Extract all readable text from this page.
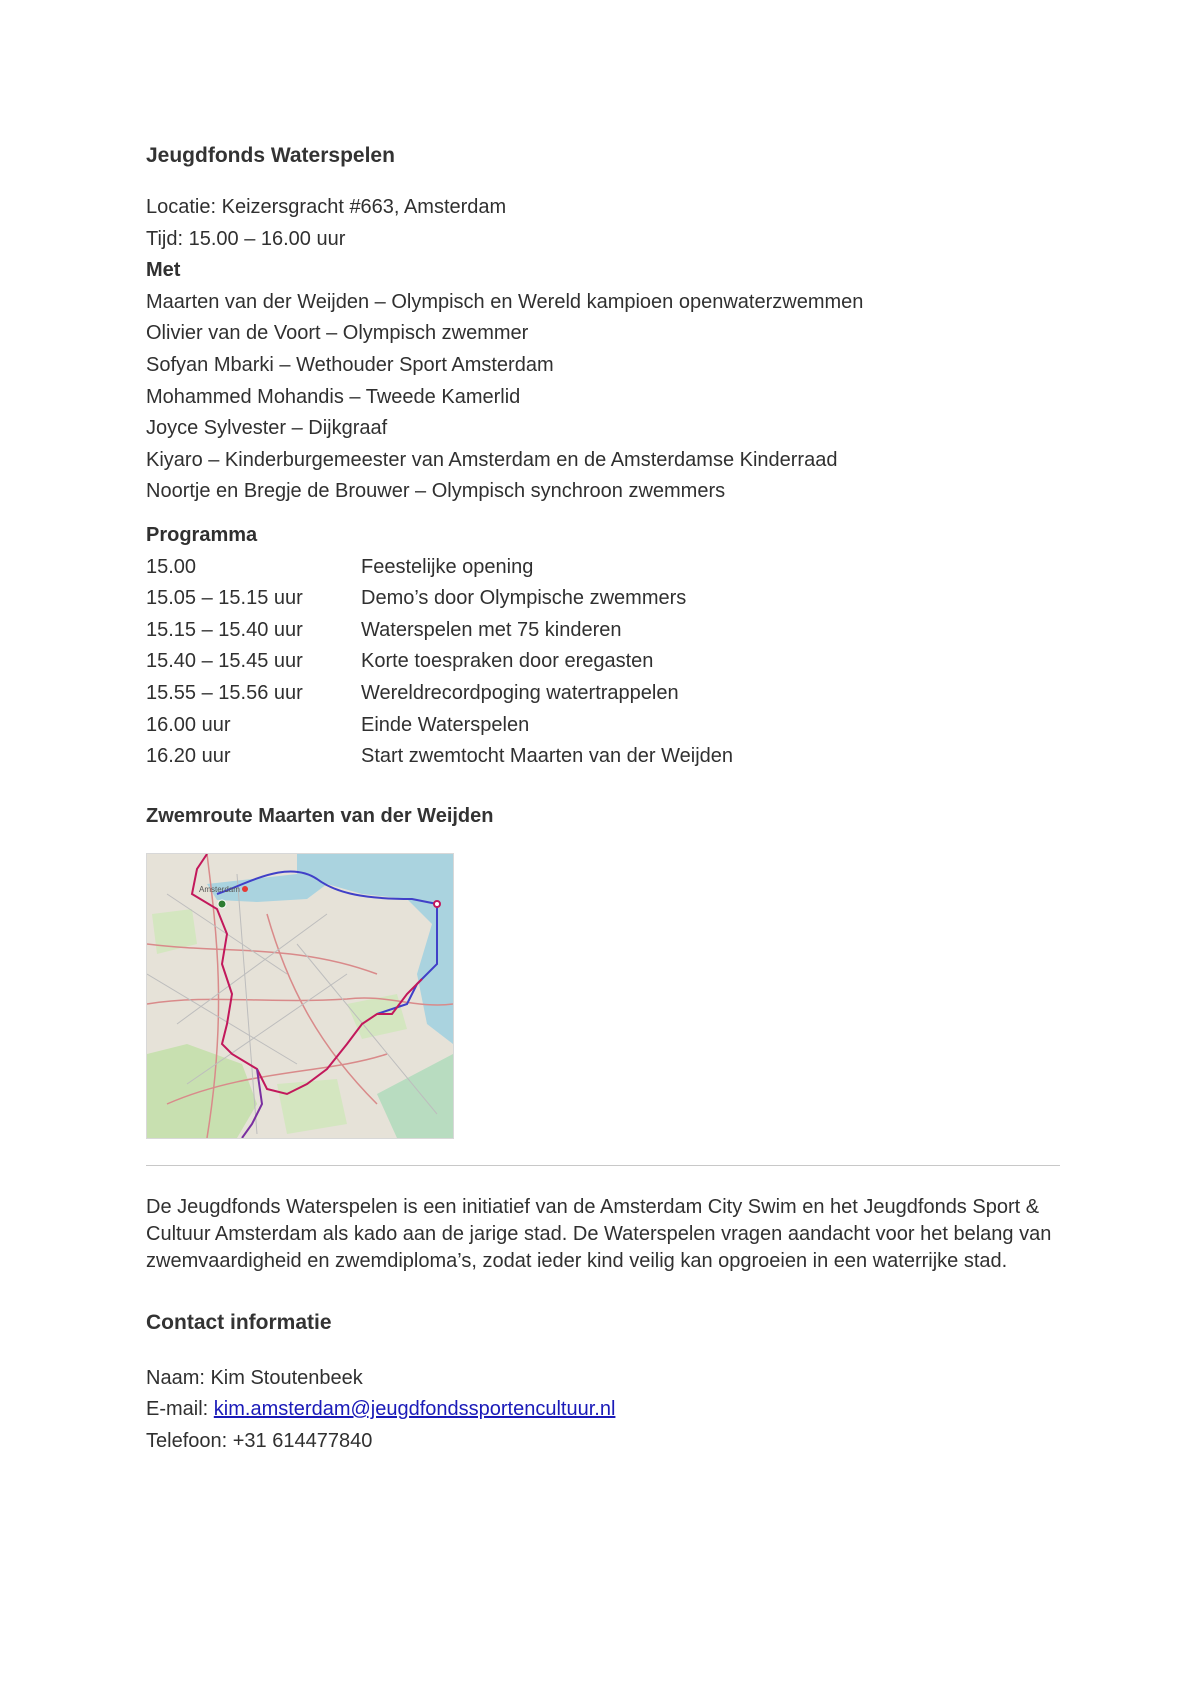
Jeugdfonds Waterspelen
Locatie: Keizersgracht #663, Amsterdam
Tijd: 15.00 – 16.00 uur
Met
Maarten van der Weijden – Olympisch en Wereld kampioen openwaterzwemmen
Olivier van de Voort – Olympisch zwemmer
Sofyan Mbarki – Wethouder Sport Amsterdam
Mohammed Mohandis – Tweede Kamerlid
Joyce Sylvester – Dijkgraaf
Kiyaro – Kinderburgemeester van Amsterdam en de Amsterdamse Kinderraad
Noortje en Bregje de Brouwer – Olympisch synchroon zwemmers
Programma
15.00	Feestelijke opening
15.05 – 15.15 uur	Demo’s door Olympische zwemmers
15.15 – 15.40 uur	Waterspelen met 75 kinderen
15.40 – 15.45 uur	Korte toespraken door eregasten
15.55 – 15.56 uur	Wereldrecordpoging watertrappelen
16.00 uur	Einde Waterspelen
16.20 uur	Start zwemtocht Maarten van der Weijden
Zwemroute Maarten van der Weijden
Amsterdam
De Jeugdfonds Waterspelen is een initiatief van de Amsterdam City Swim en het Jeugdfonds Sport & Cultuur Amsterdam als kado aan de jarige stad. De Waterspelen vragen aandacht voor het belang van zwemvaardigheid en zwemdiploma’s, zodat ieder kind veilig kan opgroeien in een waterrijke stad.
Contact informatie
Naam: Kim Stoutenbeek
E-mail: kim.amsterdam@jeugdfondssportencultuur.nl
Telefoon: +31 614477840
